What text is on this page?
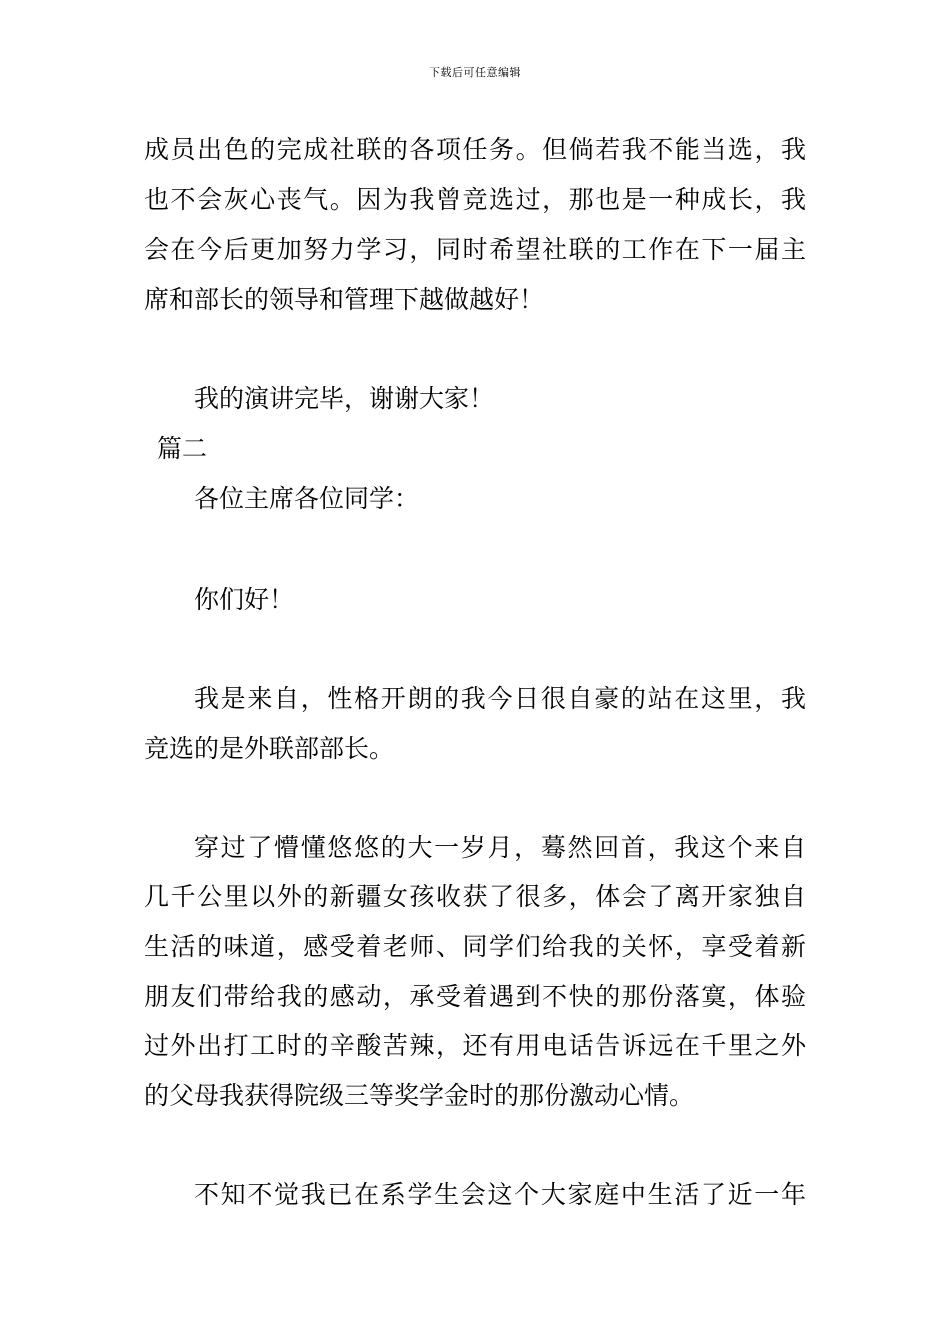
下载后可任意编辑
成员出色的完成社联的各项任务。但倘若我不能当选，我
也不会灰心丧气。因为我曾竞选过，那也是一种成长，我
会在今后更加努力学习，同时希望社联的工作在下一届主
席和部长的领导和管理下越做越好！
我的演讲完毕，谢谢大家！
篇二
各位主席各位同学：
你们好！
我是来自，性格开朗的我今日很自豪的站在这里，我
竞选的是外联部部长。
穿过了懵懂悠悠的大一岁月，蓦然回首，我这个来自
几千公里以外的新疆女孩收获了很多，体会了离开家独自
生活的味道，感受着老师、同学们给我的关怀，享受着新
朋友们带给我的感动，承受着遇到不快的那份落寞，体验
过外出打工时的辛酸苦辣，还有用电话告诉远在千里之外
的父母我获得院级三等奖学金时的那份激动心情。
不知不觉我已在系学生会这个大家庭中生活了近一年
